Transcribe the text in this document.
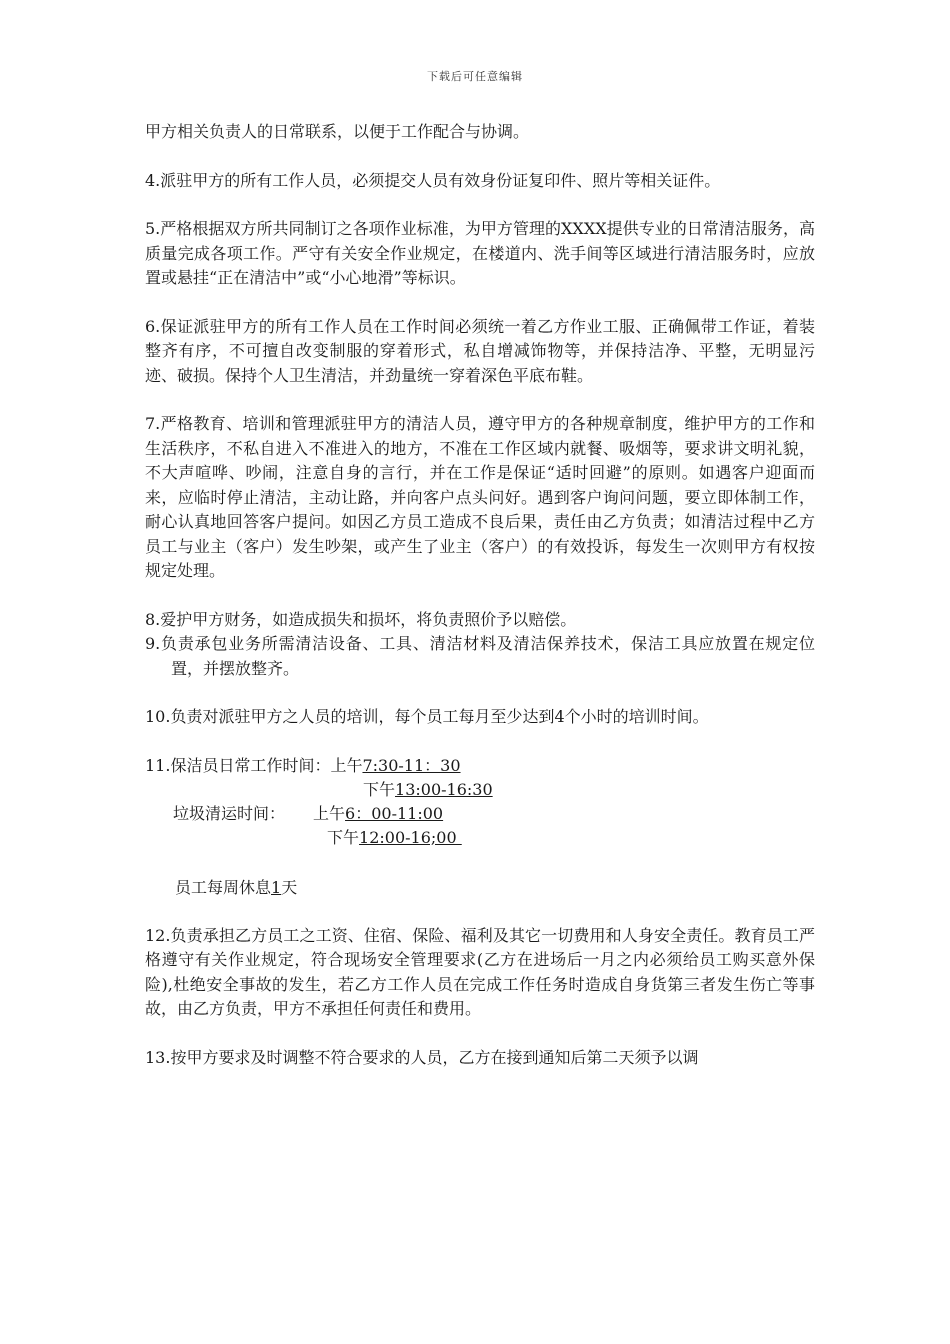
下载后可任意编辑

甲方相关负责人的日常联系，以便于工作配合与协调。

4.派驻甲方的所有工作人员，必须提交人员有效身份证复印件、照片等相关证件。

5.严格根据双方所共同制订之各项作业标准，为甲方管理的XXXX提供专业的日常清洁服务，高质量完成各项工作。严守有关安全作业规定，在楼道内、洗手间等区域进行清洁服务时，应放置或悬挂“正在清洁中”或“小心地滑”等标识。

6.保证派驻甲方的所有工作人员在工作时间必须统一着乙方作业工服、正确佩带工作证，着装整齐有序，不可擅自改变制服的穿着形式，私自增减饰物等，并保持洁净、平整，无明显污迹、破损。保持个人卫生清洁，并劲量统一穿着深色平底布鞋。

7.严格教育、培训和管理派驻甲方的清洁人员，遵守甲方的各种规章制度，维护甲方的工作和生活秩序，不私自进入不准进入的地方，不准在工作区域内就餐、吸烟等，要求讲文明礼貌，不大声喧哗、吵闹，注意自身的言行，并在工作是保证“适时回避”的原则。如遇客户迎面而来，应临时停止清洁，主动让路，并向客户点头问好。遇到客户询问问题，要立即体制工作，耐心认真地回答客户提问。如因乙方员工造成不良后果，责任由乙方负责；如清洁过程中乙方员工与业主（客户）发生吵架，或产生了业主（客户）的有效投诉，每发生一次则甲方有权按规定处理。

8.爱护甲方财务，如造成损失和损坏，将负责照价予以赔偿。

9.负责承包业务所需清洁设备、工具、清洁材料及清洁保养技术，保洁工具应放置在规定位置，并摆放整齐。

10.负责对派驻甲方之人员的培训，每个员工每月至少达到4个小时的培训时间。

11.保洁员日常工作时间：上午7:30-11：30
下午13:00-16:30
垃圾清运时间： 上午6：00-11:00
下午12:00-16;00
员工每周休息1天

12.负责承担乙方员工之工资、住宿、保险、福利及其它一切费用和人身安全责任。教育员工严格遵守有关作业规定，符合现场安全管理要求(乙方在进场后一月之内必须给员工购买意外保险),杜绝安全事故的发生，若乙方工作人员在完成工作任务时造成自身货第三者发生伤亡等事故，由乙方负责，甲方不承担任何责任和费用。

13.按甲方要求及时调整不符合要求的人员，乙方在接到通知后第二天须予以调
